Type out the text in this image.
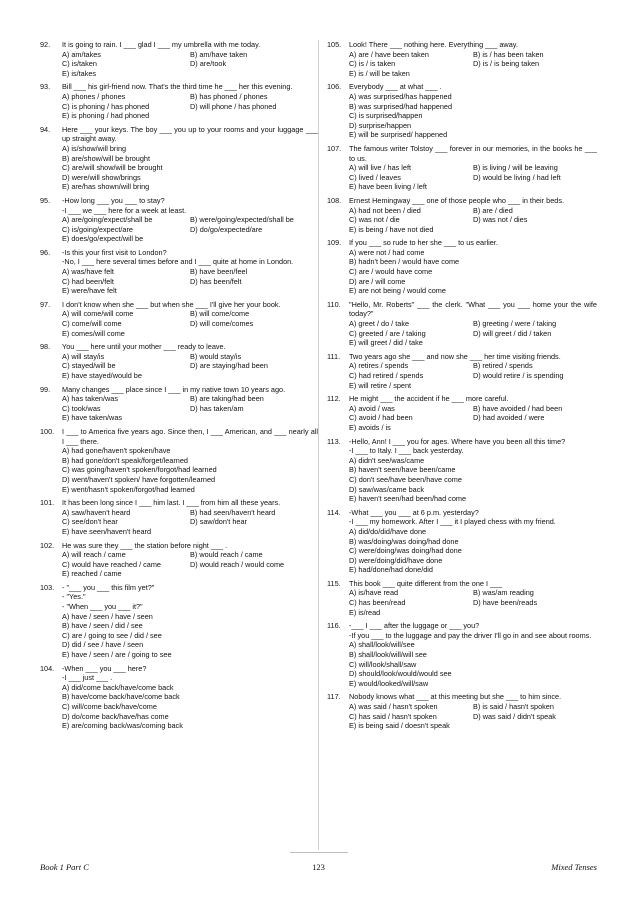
92.	It is going to rain. I ___ glad I ___ my umbrella with me today.
A) am/takes	B) am/have taken
C) is/taken	D) are/took
E) is/takes
93.	Bill ___ his girl-friend now. That's the third time he ___ her this evening.
A) phones / phones	B) has phoned / phones
C) is phoning / has phoned	D) will phone / has phoned
E) is phoning / had phoned
94.	Here ___ your keys. The boy ___ you up to your rooms and your luggage ___ up straight away.
A) is/show/will bring
B) are/show/will be brought
C) are/will show/will be brought
D) were/will show/brings
E) are/has shown/will bring
95.	-How long ___ you ___ to stay?
-I ___ we ___ here for a week at least.
A) are/going/expect/shall be	B) were/going/expected/shall be
C) is/going/expect/are	D) do/go/expected/are
E) does/go/expect/will be
96.	-Is this your first visit to London?
-No, I ___ here several times before and I ___ quite at home in London.
A) was/have felt	B) have been/feel
C) had been/felt	D) has been/felt
E) were/have felt
97.	I don't know when she ___ but when she ___ I'll give her your book.
A) will come/will come	B) will come/come
C) come/will come	D) will come/comes
E) comes/will come
98.	You ___ here until your mother ___ ready to leave.
A) will stay/is	B) would stay/is
C) stayed/will be	D) are staying/had been
E) have stayed/would be
99.	Many changes ___ place since I ___ in my native town 10 years ago.
A) has taken/was	B) are taking/had been
C) took/was	D) has taken/am
E) have taken/was
100.	I ___ to America five years ago. Since then, I ___ American, and ___ nearly all I ___ there.
A) had gone/haven't spoken/have
B) had gone/don't speak/forget/learned
C) was going/haven't spoken/forgot/had learned
D) went/haven't spoken/ have forgotten/learned
E) went/hasn't spoken/forgot/had learned
101.	It has been long since I ___ him last. I ___ from him all these years.
A) saw/haven't heard	B) had seen/haven't heard
C) see/don't hear	D) saw/don't hear
E) have seen/haven't heard
102.	He was sure they ___ the station before night ___ .
A) will reach / came	B) would reach / came
C) would have reached / came	D) would reach / would come
E) reached / came
103.	- "___ you ___ this film yet?"
- "Yes."
- "When ___ you ___ it?"
A) have / seen / have / seen
B) have / seen / did / see
C) are / going to see / did / see
D) did / see / have / seen
E) have / seen / are / going to see
104.	-When ___ you ___ here?
-I ___ just ___ .
A) did/come back/have/come back
B) have/come back/have/come back
C) will/come back/have/come
D) do/come back/have/has come
E) are/coming back/was/coming back
105.	Look! There ___ nothing here. Everything ___ away.
A) are / have been taken	B) is / has been taken
C) is / is taken	D) is / is being taken
E) is / will be taken
106.	Everybody ___ at what ___ .
A) was surprised/has happened
B) was surprised/had happened
C) is surprised/happen
D) surprise/happen
E) will be surprised/ happened
107.	The famous writer Tolstoy ___ forever in our memories, in the books he ___ to us.
A) will live / has left	B) is living / will be leaving
C) lived / leaves	D) would be living / had left
E) have been living / left
108.	Ernest Hemingway ___ one of those people who ___ in their beds.
A) had not been / died	B) are / died
C) was not / die	D) was not / dies
E) is being / have not died
109.	If you ___ so rude to her she ___ to us earlier.
A) were not / had come
B) hadn't been / would have come
C) are / would have come
D) are / will come
E) are not being / would come
110.	"Hello, Mr. Roberts" ___ the clerk. "What ___ you ___ home your the wife today?"
A) greet / do / take	B) greeting / were / taking
C) greeted / are / taking	D) will greet / did / taken
E) will greet / did / take
111.	Two years ago she ___ and now she ___ her time visiting friends.
A) retires / spends	B) retired / spends
C) had retired / spends	D) would retire / is spending
E) will retire / spent
112.	He might ___ the accident if he ___ more careful.
A) avoid / was	B) have avoided / had been
C) avoid / had been	D) had avoided / were
E) avoids / is
113.	-Hello, Ann! I ___ you for ages. Where have you been all this time?
-I ___ to Italy. I ___ back yesterday.
A) didn't see/was/came
B) haven't seen/have been/came
C) don't see/have been/have come
D) saw/was/came back
E) haven't seen/had been/had come
114.	-What ___ you ___ at 6 p.m. yesterday?
-I ___ my homework. After I ___ it I played chess with my friend.
A) did/do/did/have done
B) was/doing/was doing/had done
C) were/doing/was doing/had done
D) were/doing/did/have done
E) had/done/had done/did
115.	This book ___ quite different from the one I ___
A) is/have read	B) was/am reading
C) has been/read	D) have been/reads
E) is/read
116.	-___ I ___ after the luggage or ___ you?
-If you ___ to the luggage and pay the driver I'll go in and see about rooms.
A) shall/look/will/see
B) shall/look/will/will see
C) will/look/shall/saw
D) should/look/would/would see
E) would/looked/will/saw
117.	Nobody knows what ___ at this meeting but she ___ to him since.
A) was said / hasn't spoken	B) is said / hasn't spoken
C) has said / hasn't spoken	D) was said / didn't speak
E) is being said / doesn't speak
Book 1 Part C	123	Mixed Tenses
